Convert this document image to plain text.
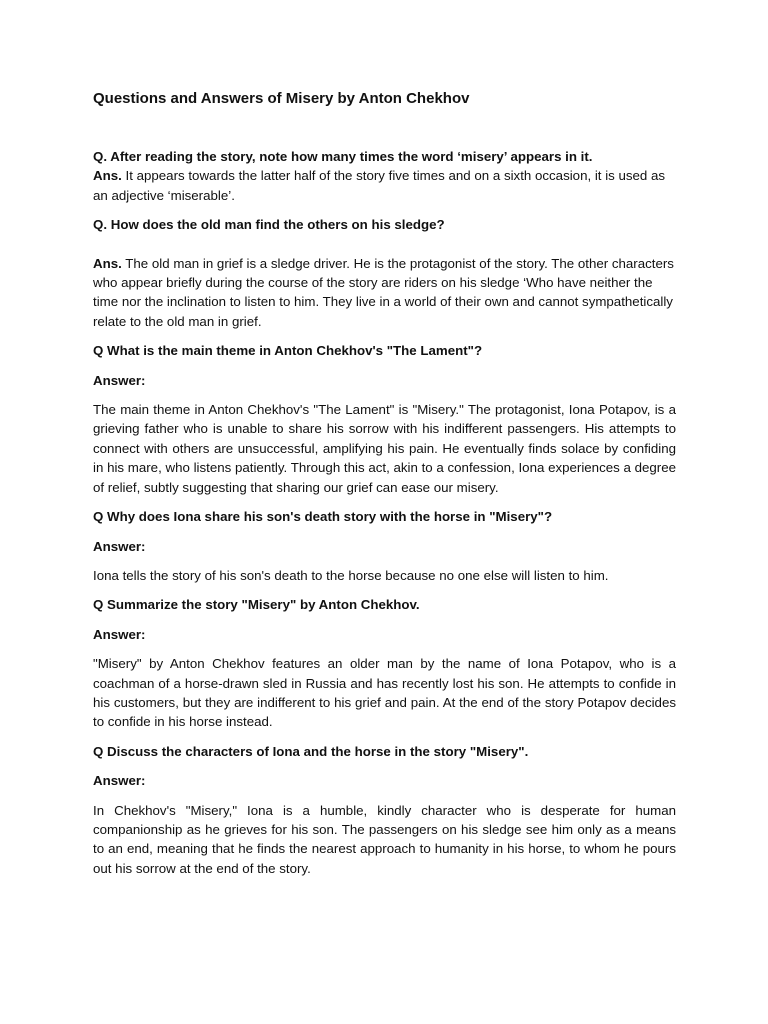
Questions and Answers of Misery by Anton Chekhov

Q. After reading the story, note how many times the word ‘misery’ appears in it.

Ans. It appears towards the latter half of the story five times and on a sixth occasion, it is used as an adjective ‘miserable’.

Q. How does the old man find the others on his sledge?

Ans. The old man in grief is a sledge driver. He is the protagonist of the story. The other characters who appear briefly during the course of the story are riders on his sledge ‘Who have neither the time nor the inclination to listen to him. They live in a world of their own and cannot sympathetically relate to the old man in grief.

Q What is the main theme in Anton Chekhov's "The Lament"?

Answer:

The main theme in Anton Chekhov's "The Lament" is "Misery." The protagonist, Iona Potapov, is a grieving father who is unable to share his sorrow with his indifferent passengers. His attempts to connect with others are unsuccessful, amplifying his pain. He eventually finds solace by confiding in his mare, who listens patiently. Through this act, akin to a confession, Iona experiences a degree of relief, subtly suggesting that sharing our grief can ease our misery.

Q Why does Iona share his son's death story with the horse in "Misery"?

Answer:

Iona tells the story of his son's death to the horse because no one else will listen to him.

Q Summarize the story "Misery" by Anton Chekhov.

Answer:

"Misery" by Anton Chekhov features an older man by the name of Iona Potapov, who is a coachman of a horse-drawn sled in Russia and has recently lost his son. He attempts to confide in his customers, but they are indifferent to his grief and pain. At the end of the story Potapov decides to confide in his horse instead.

Q Discuss the characters of Iona and the horse in the story "Misery".

Answer:

In Chekhov's "Misery," Iona is a humble, kindly character who is desperate for human companionship as he grieves for his son. The passengers on his sledge see him only as a means to an end, meaning that he finds the nearest approach to humanity in his horse, to whom he pours out his sorrow at the end of the story.
